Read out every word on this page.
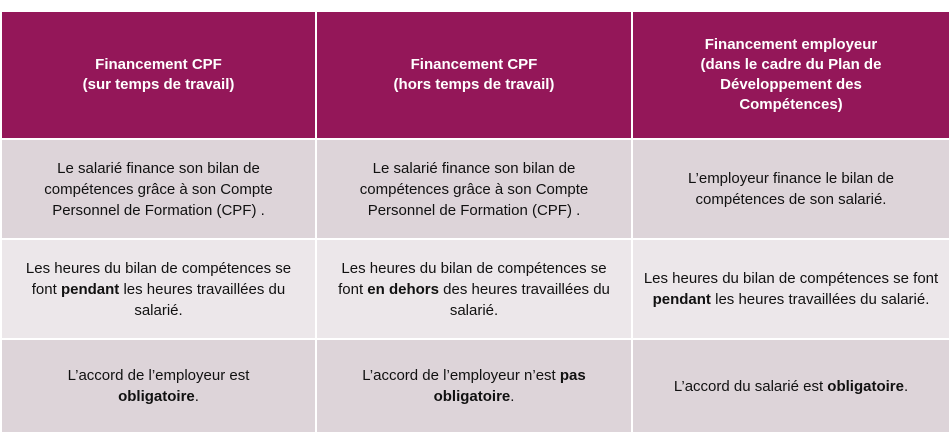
Financement CPF
(sur temps de travail)
Financement CPF
(hors temps de travail)
Financement employeur
(dans le cadre du Plan de Développement des Compétences)
Le salarié finance son bilan de compétences grâce à son Compte Personnel de Formation (CPF) .
Le salarié finance son bilan de compétences grâce à son Compte Personnel de Formation (CPF) .
L’employeur finance le bilan de compétences de son salarié.
Les heures du bilan de compétences se font pendant les heures travaillées du salarié.
Les heures du bilan de compétences se font en dehors des heures travaillées du salarié.
Les heures du bilan de compétences se font pendant les heures travaillées du salarié.
L’accord de l’employeur est obligatoire.
L’accord de l’employeur n’est pas obligatoire.
L’accord du salarié est obligatoire.
